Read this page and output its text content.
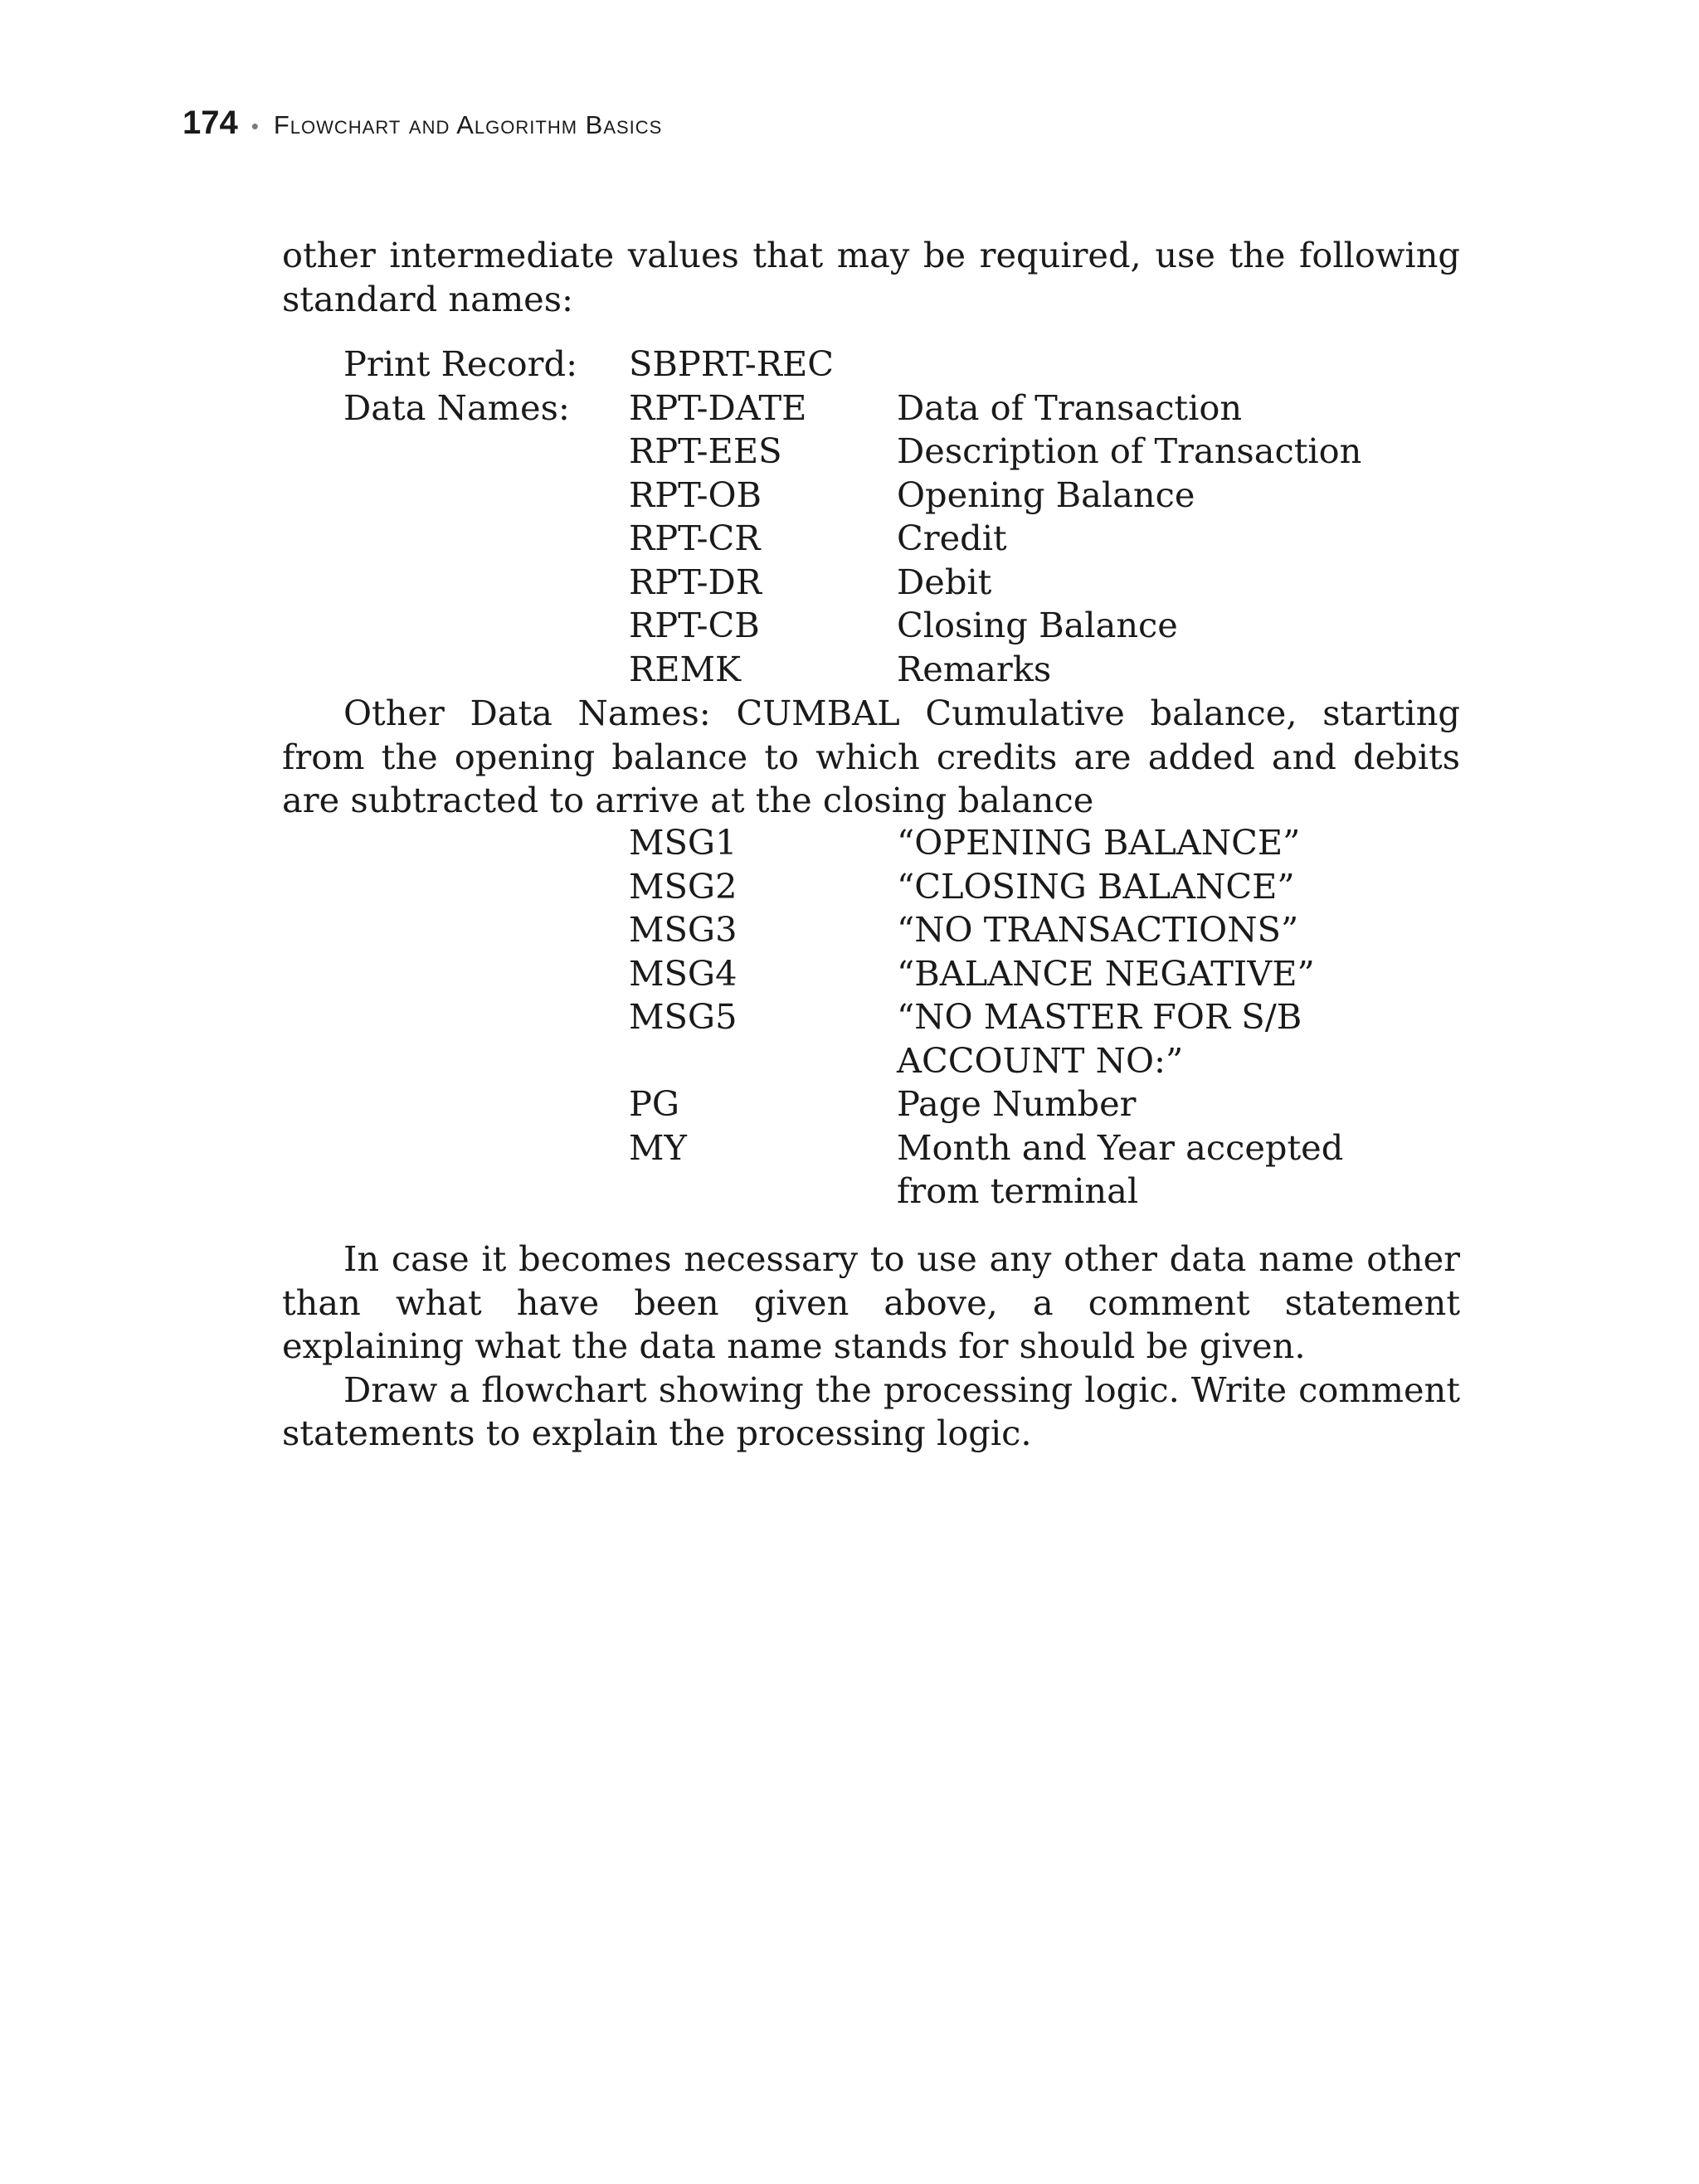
174 • Flowchart and Algorithm Basics

other intermediate values that may be required, use the following standard names:

Print Record:	SBPRT-REC
Data Names:	RPT-DATE	Data of Transaction
RPT-EES	Description of Transaction
RPT-OB	Opening Balance
RPT-CR	Credit
RPT-DR	Debit
RPT-CB	Closing Balance
REMK	Remarks

Other Data Names: CUMBAL Cumulative balance, starting from the opening balance to which credits are added and debits are subtracted to arrive at the closing balance

MSG1	“OPENING BALANCE”
MSG2	“CLOSING BALANCE”
MSG3	“NO TRANSACTIONS”
MSG4	“BALANCE NEGATIVE”
MSG5	“NO MASTER FOR S/B ACCOUNT NO:”
PG	Page Number
MY	Month and Year accepted from terminal

In case it becomes necessary to use any other data name other than what have been given above, a comment statement explaining what the data name stands for should be given.

Draw a flowchart showing the processing logic. Write comment statements to explain the processing logic.
